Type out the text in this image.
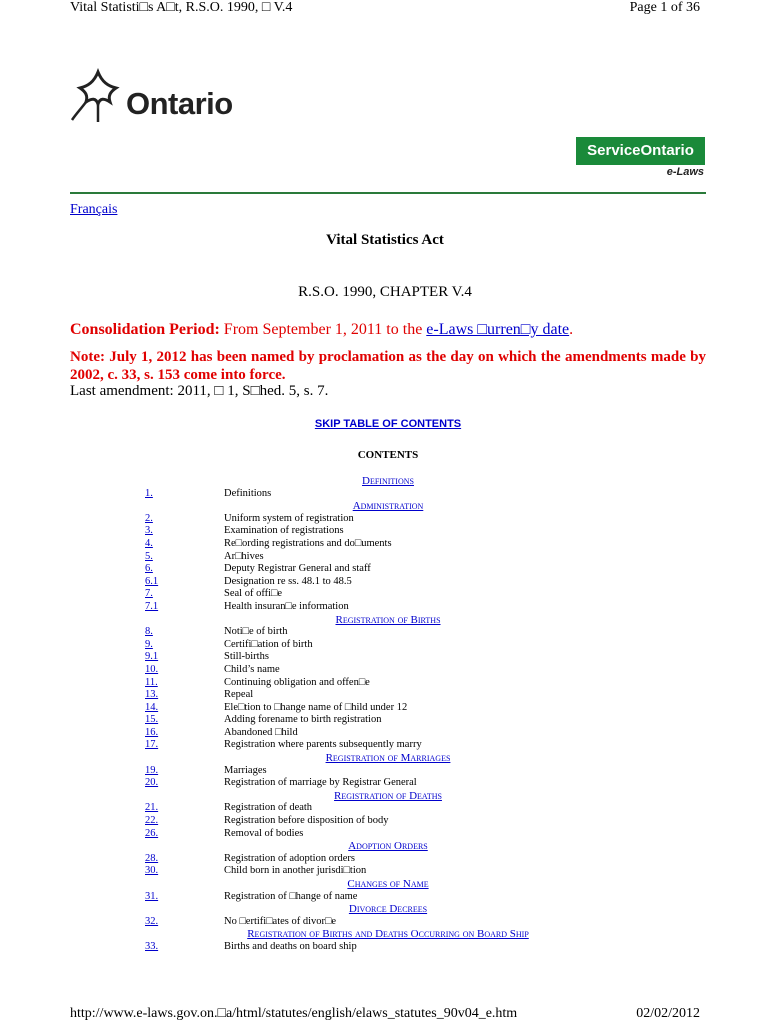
Vital Statisti□s A□t, R.S.O. 1990, □ V.4	Page 1 of 36
Ontario
ServiceOntario
e-Laws
Français
Vital Statistics Act
R.S.O. 1990, CHAPTER V.4
Consolidation Period: From September 1, 2011 to the e-Laws □urren□y date.
Note: July 1, 2012 has been named by proclamation as the day on which the amendments made by 2002, c. 33, s. 153 come into force.
Last amendment: 2011, □ 1, S□hed. 5, s. 7.
SKIP TABLE OF CONTENTS
CONTENTS
Definitions
1.	Definitions
Administration
2.	Uniform system of registration
3.	Examination of registrations
4.	Re□ording registrations and do□uments
5.	Ar□hives
6.	Deputy Registrar General and staff
6.1	Designation re ss. 48.1 to 48.5
7.	Seal of offi□e
7.1	Health insuran□e information
Registration of Births
8.	Noti□e of birth
9.	Certifi□ation of birth
9.1	Still-births
10.	Child’s name
11.	Continuing obligation and offen□e
13.	Repeal
14.	Ele□tion to □hange name of □hild under 12
15.	Adding forename to birth registration
16.	Abandoned □hild
17.	Registration where parents subsequently marry
Registration of Marriages
19.	Marriages
20.	Registration of marriage by Registrar General
Registration of Deaths
21.	Registration of death
22.	Registration before disposition of body
26.	Removal of bodies
Adoption Orders
28.	Registration of adoption orders
30.	Child born in another jurisdi□tion
Changes of Name
31.	Registration of □hange of name
Divorce Decrees
32.	No □ertifi□ates of divor□e
Registration of Births and Deaths Occurring on Board Ship
33.	Births and deaths on board ship
http://www.e-laws.gov.on.□a/html/statutes/english/elaws_statutes_90v04_e.htm	02/02/2012
